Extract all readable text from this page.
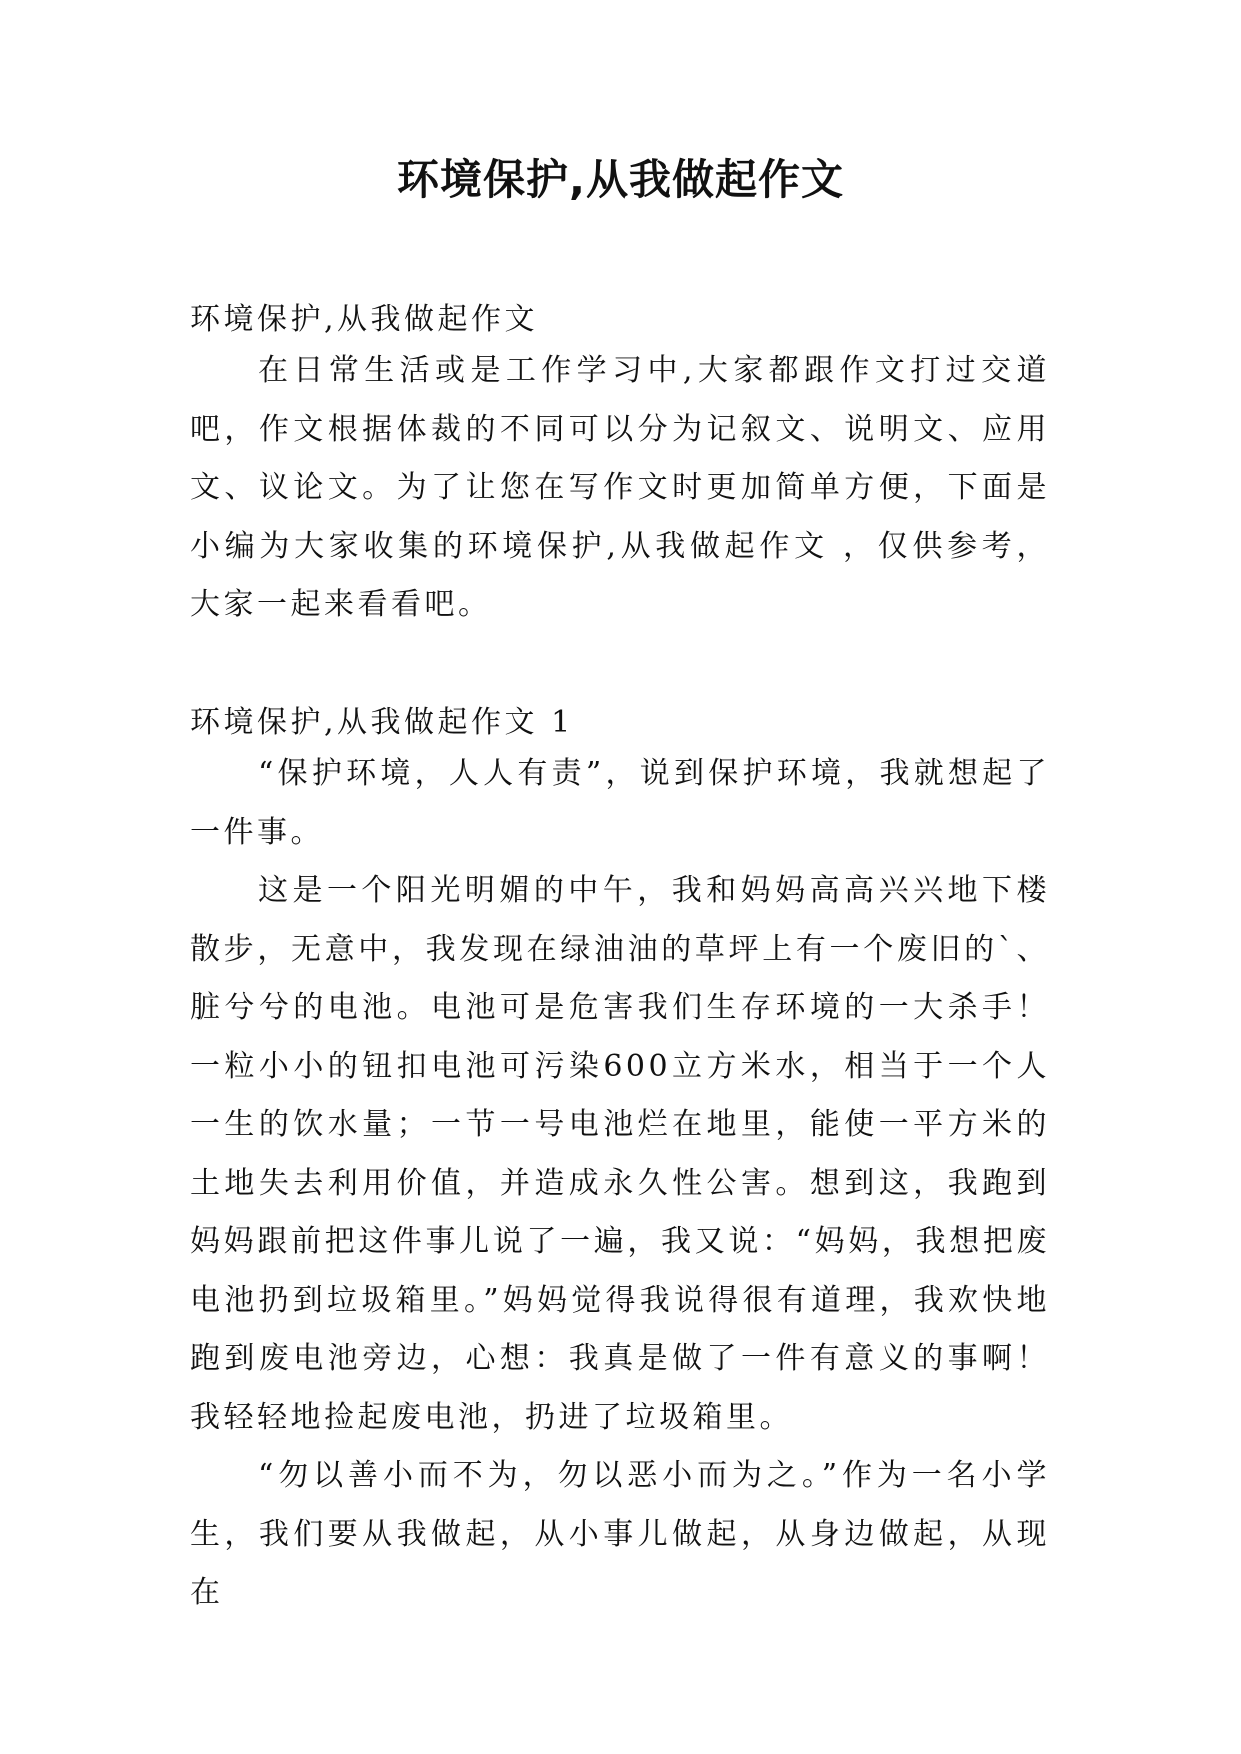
环境保护,从我做起作文
环境保护,从我做起作文
在日常生活或是工作学习中,大家都跟作文打过交道吧，作文根据体裁的不同可以分为记叙文、说明文、应用文、议论文。为了让您在写作文时更加简单方便，下面是小编为大家收集的环境保护,从我做起作文 ，仅供参考，大家一起来看看吧。
环境保护,从我做起作文 1

“保护环境，人人有责”，说到保护环境，我就想起了一件事。

这是一个阳光明媚的中午，我和妈妈高高兴兴地下楼散步，无意中，我发现在绿油油的草坪上有一个废旧的`、脏兮兮的电池。电池可是危害我们生存环境的一大杀手！一粒小小的钮扣电池可污染600立方米水，相当于一个人一生的饮水量；一节一号电池烂在地里，能使一平方米的土地失去利用价值，并造成永久性公害。想到这，我跑到妈妈跟前把这件事儿说了一遍，我又说：“妈妈，我想把废电池扔到垃圾箱里。”妈妈觉得我说得很有道理，我欢快地跑到废电池旁边，心想：我真是做了一件有意义的事啊！我轻轻地捡起废电池，扔进了垃圾箱里。

“勿以善小而不为，勿以恶小而为之。”作为一名小学生，我们要从我做起，从小事儿做起，从身边做起，从现在
